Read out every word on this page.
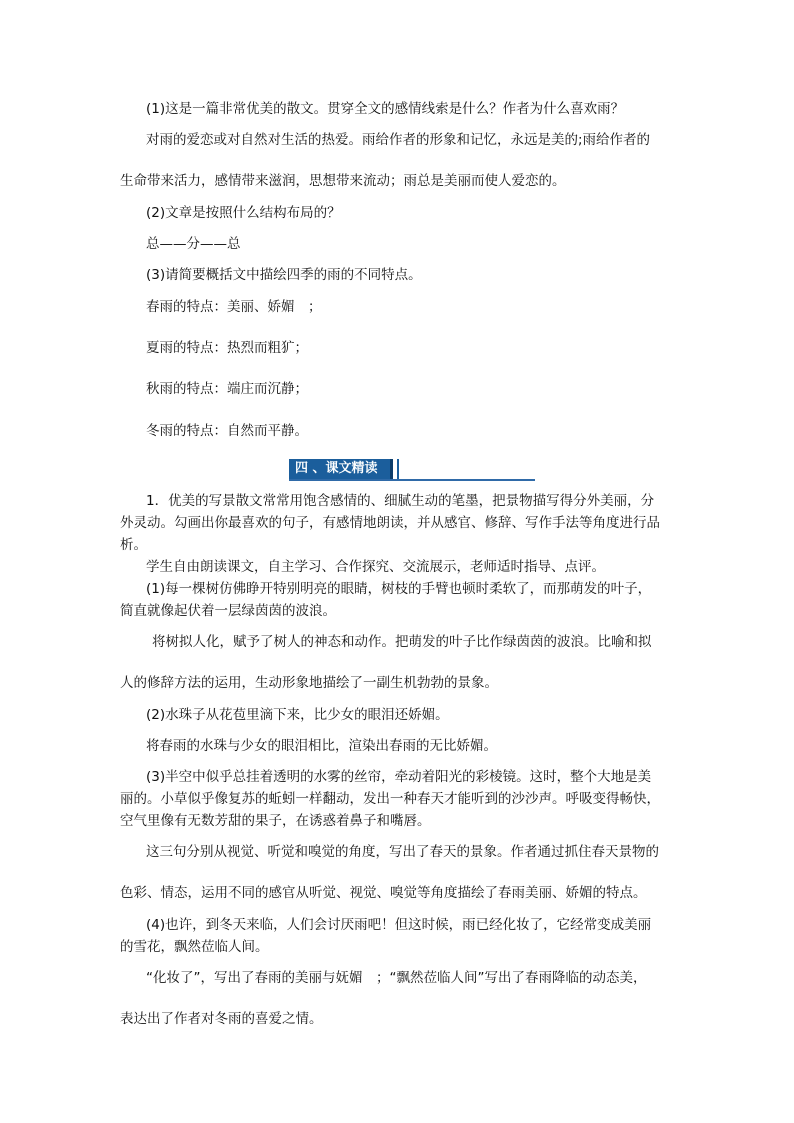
(1)这是一篇非常优美的散文。贯穿全文的感情线索是什么？作者为什么喜欢雨？
对雨的爱恋或对自然对生活的热爱。雨给作者的形象和记忆，永远是美的;雨给作者的
生命带来活力，感情带来滋润，思想带来流动；雨总是美丽而使人爱恋的。
(2)文章是按照什么结构布局的？
总——分——总
(3)请简要概括文中描绘四季的雨的不同特点。
春雨的特点：美丽、娇媚　；
夏雨的特点：热烈而粗犷；
秋雨的特点：端庄而沉静；
冬雨的特点：自然而平静。
四 、课文精读
1．优美的写景散文常常用饱含感情的、细腻生动的笔墨，把景物描写得分外美丽，分
外灵动。勾画出你最喜欢的句子，有感情地朗读，并从感官、修辞、写作手法等角度进行品
析。
学生自由朗读课文，自主学习、合作探究、交流展示，老师适时指导、点评。
(1)每一棵树仿佛睁开特别明亮的眼睛，树枝的手臂也顿时柔软了，而那萌发的叶子，
简直就像起伏着一层绿茵茵的波浪。
将树拟人化，赋予了树人的神态和动作。把萌发的叶子比作绿茵茵的波浪。比喻和拟
人的修辞方法的运用，生动形象地描绘了一副生机勃勃的景象。
(2)水珠子从花苞里滴下来，比少女的眼泪还娇媚。
将春雨的水珠与少女的眼泪相比，渲染出春雨的无比娇媚。
(3)半空中似乎总挂着透明的水雾的丝帘，牵动着阳光的彩棱镜。这时，整个大地是美
丽的。小草似乎像复苏的蚯蚓一样翻动，发出一种春天才能听到的沙沙声。呼吸变得畅快，
空气里像有无数芳甜的果子，在诱惑着鼻子和嘴唇。
这三句分别从视觉、听觉和嗅觉的角度，写出了春天的景象。作者通过抓住春天景物的
色彩、情态，运用不同的感官从听觉、视觉、嗅觉等角度描绘了春雨美丽、娇媚的特点。
(4)也许，到冬天来临，人们会讨厌雨吧！但这时候，雨已经化妆了，它经常变成美丽
的雪花，飘然莅临人间。
“化妆了”，写出了春雨的美丽与妩媚　；“飘然莅临人间”写出了春雨降临的动态美，
表达出了作者对冬雨的喜爱之情。
